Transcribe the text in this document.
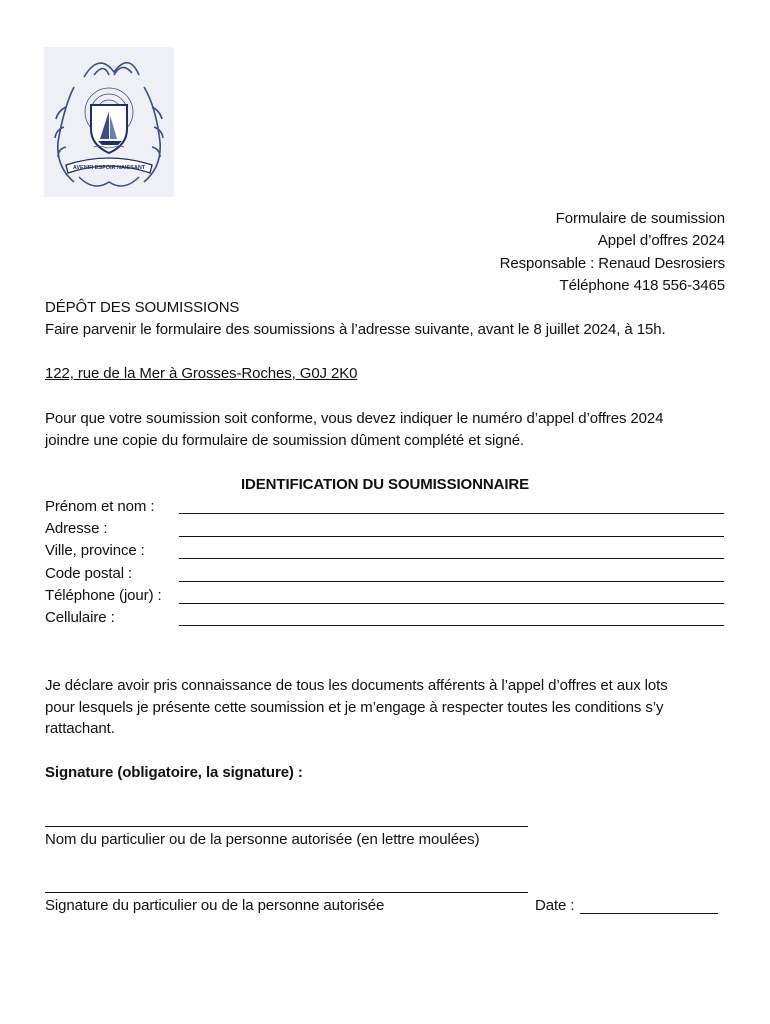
AVENIR ESPOIR NAISSANT
Formulaire de soumission
Appel d’offres 2024
Responsable : Renaud Desrosiers
Téléphone 418 556-3465
DÉPÔT DES SOUMISSIONS
Faire parvenir le formulaire des soumissions à l’adresse suivante, avant le 8 juillet 2024, à 15h.
122, rue de la Mer à Grosses-Roches, G0J 2K0
Pour que votre soumission soit conforme, vous devez indiquer le numéro d’appel d’offres 2024
joindre une copie du formulaire de soumission dûment complété et signé.
IDENTIFICATION DU SOUMISSIONNAIRE
Prénom et nom :
Adresse :
Ville, province :
Code postal :
Téléphone (jour) :
Cellulaire :
Je déclare avoir pris connaissance de tous les documents afférents à l’appel d’offres et aux lots
pour lesquels je présente cette soumission et je m’engage à respecter toutes les conditions s’y
rattachant.
Signature (obligatoire, la signature) :
Nom du particulier ou de la personne autorisée (en lettre moulées)
Signature du particulier ou de la personne autorisée	Date :
